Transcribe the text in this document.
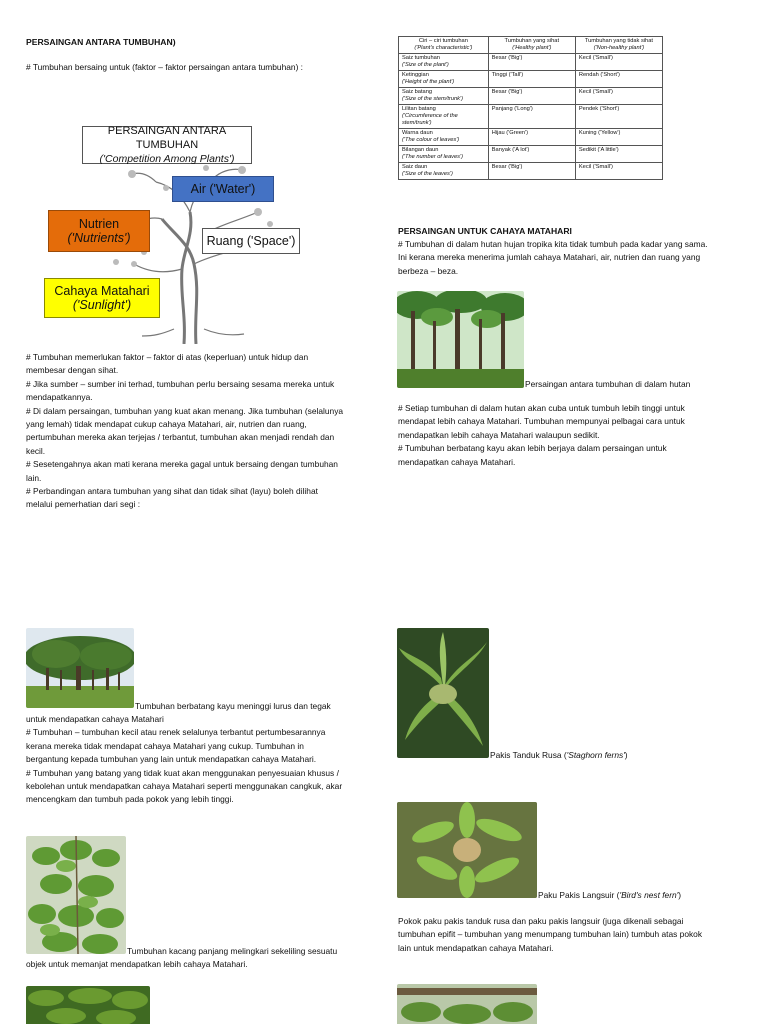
PERSAINGAN ANTARA TUMBUHAN)
# Tumbuhan bersaing untuk (faktor – faktor persaingan antara tumbuhan) :
PERSAINGAN ANTARA TUMBUHAN
('Competition Among Plants')
Air ('Water')
Nutrien
('Nutrients')	Ruang ('Space')
Cahaya Matahari
('Sunlight')
# Tumbuhan memerlukan faktor – faktor di atas (keperluan) untuk hidup dan
membesar dengan sihat.
# Jika sumber – sumber ini terhad, tumbuhan perlu bersaing sesama mereka untuk
mendapatkannya.
# Di dalam persaingan, tumbuhan yang kuat akan menang. Jika tumbuhan (selalunya
yang lemah) tidak mendapat cukup cahaya Matahari, air, nutrien dan ruang,
pertumbuhan mereka akan terjejas / terbantut, tumbuhan akan menjadi rendah dan
kecil.
# Sesetengahnya akan mati kerana mereka gagal untuk bersaing dengan tumbuhan
lain.
# Perbandingan antara tumbuhan yang sihat dan tidak sihat (layu) boleh dilihat
melalui pemerhatian dari segi :
Tumbuhan berbatang kayu meninggi lurus dan tegak
untuk mendapatkan cahaya Matahari
# Tumbuhan – tumbuhan kecil atau renek selalunya terbantut pertumbesarannya
kerana mereka tidak mendapat cahaya Matahari yang cukup. Tumbuhan in
bergantung kepada tumbuhan yang lain untuk mendapatkan cahaya Matahari.
# Tumbuhan yang batang yang tidak kuat akan menggunakan penyesuaian khusus /
kebolehan untuk mendapatkan cahaya Matahari seperti menggunakan cangkuk, akar
mencengkam dan tumbuh pada pokok yang lebih tinggi.
Tumbuhan kacang panjang melingkari sekeliling sesuatu
objek untuk memanjat mendapatkan lebih cahaya Matahari.
Ciri – ciri tumbuhan
('Plant's characteristic')	Tumbuhan yang sihat
('Healthy plant')	Tumbuhan yang tidak sihat
('Non-healthy plant')

Saiz tumbuhan
('Size of the plant')	Besar ('Big')	Kecil ('Small')
Ketinggian
('Height of the plant')	Tinggi ('Tall')	Rendah ('Short')
Saiz batang
('Size of the stem/trunk')	Besar ('Big')	Kecil ('Small')
Lilitan batang
('Circumference of the stem/trunk')	Panjang ('Long')	Pendek ('Short')
Warna daun
('The colour of leaves')	Hijau ('Green')	Kuning ('Yellow')
Bilangan daun
('The number of leaves')	Banyak ('A lot')	Sedikit ('A little')
Saiz daun
('Size of the leaves')	Besar ('Big')	Kecil ('Small')
PERSAINGAN UNTUK CAHAYA MATAHARI
# Tumbuhan di dalam hutan hujan tropika kita tidak tumbuh pada kadar yang sama.
Ini kerana mereka menerima jumlah cahaya Matahari, air, nutrien dan ruang yang
berbeza – beza.
Persaingan antara tumbuhan di dalam hutan
# Setiap tumbuhan di dalam hutan akan cuba untuk tumbuh lebih tinggi untuk
mendapat lebih cahaya Matahari. Tumbuhan mempunyai pelbagai cara untuk
mendapatkan lebih cahaya Matahari walaupun sedikit.
# Tumbuhan berbatang kayu akan lebih berjaya dalam persaingan untuk
mendapatkan cahaya Matahari.
Pakis Tanduk Rusa ('Staghorn ferns')
Paku Pakis Langsuir ('Bird's nest fern')
Pokok paku pakis tanduk rusa dan paku pakis langsuir (juga dikenali sebagai
tumbuhan epifit – tumbuhan yang menumpang tumbuhan lain) tumbuh atas pokok
lain untuk mendapatkan cahaya Matahari.
